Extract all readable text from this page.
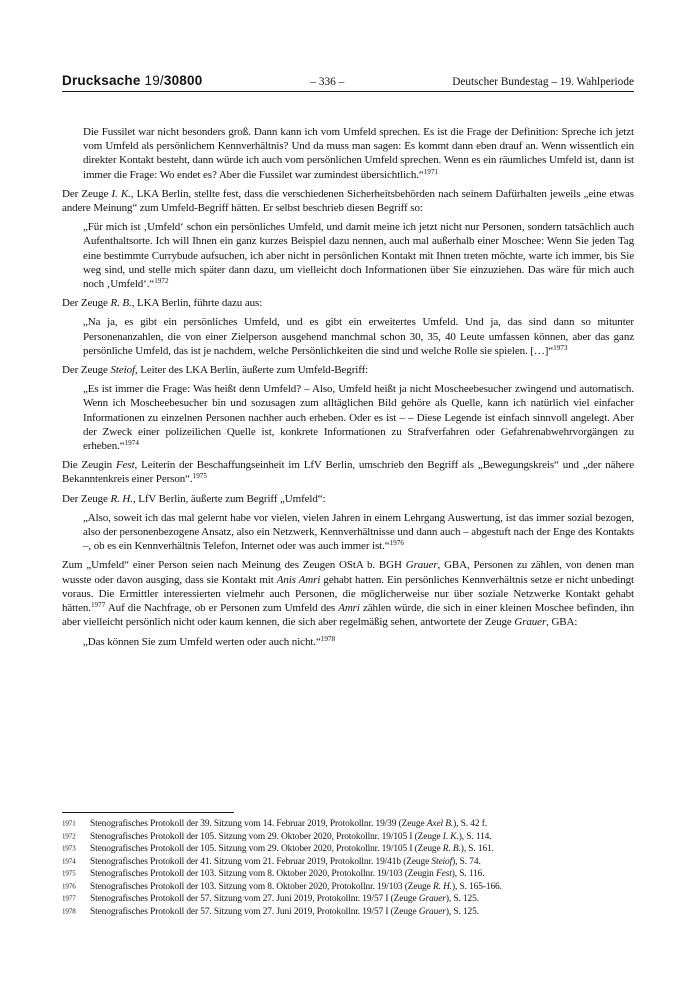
Drucksache 19/30800	– 336 –	Deutscher Bundestag – 19. Wahlperiode

Die Fussilet war nicht besonders groß. Dann kann ich vom Umfeld sprechen. Es ist die Frage der Definition: Spreche ich jetzt vom Umfeld als persönlichem Kennverhältnis? Und da muss man sagen: Es kommt dann eben drauf an. Wenn wissentlich ein direkter Kontakt besteht, dann würde ich auch vom persönlichen Umfeld sprechen. Wenn es ein räumliches Umfeld ist, dann ist immer die Frage: Wo endet es? Aber die Fussilet war zumindest übersichtlich.“$^{1971}$

Der Zeuge I. K., LKA Berlin, stellte fest, dass die verschiedenen Sicherheitsbehörden nach seinem Dafürhalten jeweils „eine etwas andere Meinung“ zum Umfeld-Begriff hätten. Er selbst beschrieb diesen Begriff so:

„Für mich ist ‚Umfeld‘ schon ein persönliches Umfeld, und damit meine ich jetzt nicht nur Personen, sondern tatsächlich auch Aufenthaltsorte. Ich will Ihnen ein ganz kurzes Beispiel dazu nennen, auch mal außerhalb einer Moschee: Wenn Sie jeden Tag eine bestimmte Currybude aufsuchen, ich aber nicht in persönlichen Kontakt mit Ihnen treten möchte, warte ich immer, bis Sie weg sind, und stelle mich später dann dazu, um vielleicht doch Informationen über Sie einzuziehen. Das wäre für mich auch noch ‚Umfeld‘.“$^{1972}$

Der Zeuge R. B., LKA Berlin, führte dazu aus:

„Na ja, es gibt ein persönliches Umfeld, und es gibt ein erweitertes Umfeld. Und ja, das sind dann so mitunter Personenanzahlen, die von einer Zielperson ausgehend manchmal schon 30, 35, 40 Leute umfassen können, aber das ganz persönliche Umfeld, das ist je nachdem, welche Persönlichkeiten die sind und welche Rolle sie spielen. […]“$^{1973}$

Der Zeuge Steiof, Leiter des LKA Berlin, äußerte zum Umfeld-Begriff:

„Es ist immer die Frage: Was heißt denn Umfeld? – Also, Umfeld heißt ja nicht Moscheebesucher zwingend und automatisch. Wenn ich Moscheebesucher bin und sozusagen zum alltäglichen Bild gehöre als Quelle, kann ich natürlich viel einfacher Informationen zu einzelnen Personen nachher auch erheben. Oder es ist – – Diese Legende ist einfach sinnvoll angelegt. Aber der Zweck einer polizeilichen Quelle ist, konkrete Informationen zu Strafverfahren oder Gefahrenabwehrvorgängen zu erheben.“$^{1974}$

Die Zeugin Fest, Leiterin der Beschaffungseinheit im LfV Berlin, umschrieb den Begriff als „Bewegungskreis“ und „der nähere Bekanntenkreis einer Person“.$^{1975}$

Der Zeuge R. H., LfV Berlin, äußerte zum Begriff „Umfeld“:

„Also, soweit ich das mal gelernt habe vor vielen, vielen Jahren in einem Lehrgang Auswertung, ist das immer sozial bezogen, also der personenbezogene Ansatz, also ein Netzwerk, Kennverhältnisse und dann auch – abgestuft nach der Enge des Kontakts –, ob es ein Kennverhältnis Telefon, Internet oder was auch immer ist.“$^{1976}$

Zum „Umfeld“ einer Person seien nach Meinung des Zeugen OStA b. BGH Grauer, GBA, Personen zu zählen, von denen man wusste oder davon ausging, dass sie Kontakt mit Anis Amri gehabt hatten. Ein persönliches Kennverhältnis setze er nicht unbedingt voraus. Die Ermittler interessierten vielmehr auch Personen, die möglicherweise nur über soziale Netzwerke Kontakt gehabt hätten.$^{1977}$ Auf die Nachfrage, ob er Personen zum Umfeld des Amri zählen würde, die sich in einer kleinen Moschee befinden, ihn aber vielleicht persönlich nicht oder kaum kennen, die sich aber regelmäßig sehen, antwortete der Zeuge Grauer, GBA:

„Das können Sie zum Umfeld werten oder auch nicht.“$^{1978}$

1971	Stenografisches Protokoll der 39. Sitzung vom 14. Februar 2019, Protokollnr. 19/39 (Zeuge Axel B.), S. 42 f.
1972	Stenografisches Protokoll der 105. Sitzung vom 29. Oktober 2020, Protokollnr. 19/105 I (Zeuge I. K.), S. 114.
1973	Stenografisches Protokoll der 105. Sitzung vom 29. Oktober 2020, Protokollnr. 19/105 I (Zeuge R. B.), S. 161.
1974	Stenografisches Protokoll der 41. Sitzung vom 21. Februar 2019, Protokollnr. 19/41b (Zeuge Steiof), S. 74.
1975	Stenografisches Protokoll der 103. Sitzung vom 8. Oktober 2020, Protokollnr. 19/103 (Zeugin Fest), S. 116.
1976	Stenografisches Protokoll der 103. Sitzung vom 8. Oktober 2020, Protokollnr. 19/103 (Zeuge R. H.), S. 165-166.
1977	Stenografisches Protokoll der 57. Sitzung vom 27. Juni 2019, Protokollnr. 19/57 I (Zeuge Grauer), S. 125.
1978	Stenografisches Protokoll der 57. Sitzung vom 27. Juni 2019, Protokollnr. 19/57 I (Zeuge Grauer), S. 125.
